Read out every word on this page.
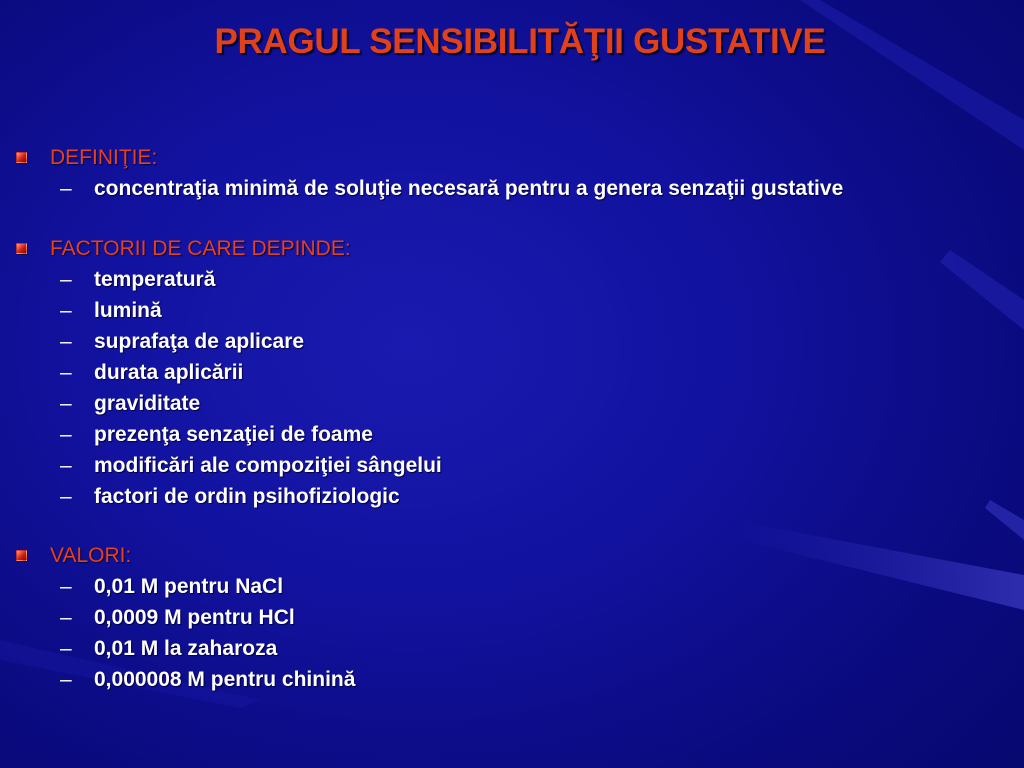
PRAGUL SENSIBILITĂŢII GUSTATIVE
DEFINIŢIE:
– concentraţia minimă de soluţie necesară pentru a genera senzaţii gustative
FACTORII DE CARE DEPINDE:
– temperatură
– lumină
– suprafaţa de aplicare
– durata aplicării
– graviditate
– prezenţa senzaţiei de foame
– modificări ale compoziţiei sângelui
– factori de ordin psihofiziologic
VALORI:
– 0,01 M pentru NaCl
– 0,0009 M pentru HCl
– 0,01 M la zaharoza
– 0,000008 M pentru chinină
